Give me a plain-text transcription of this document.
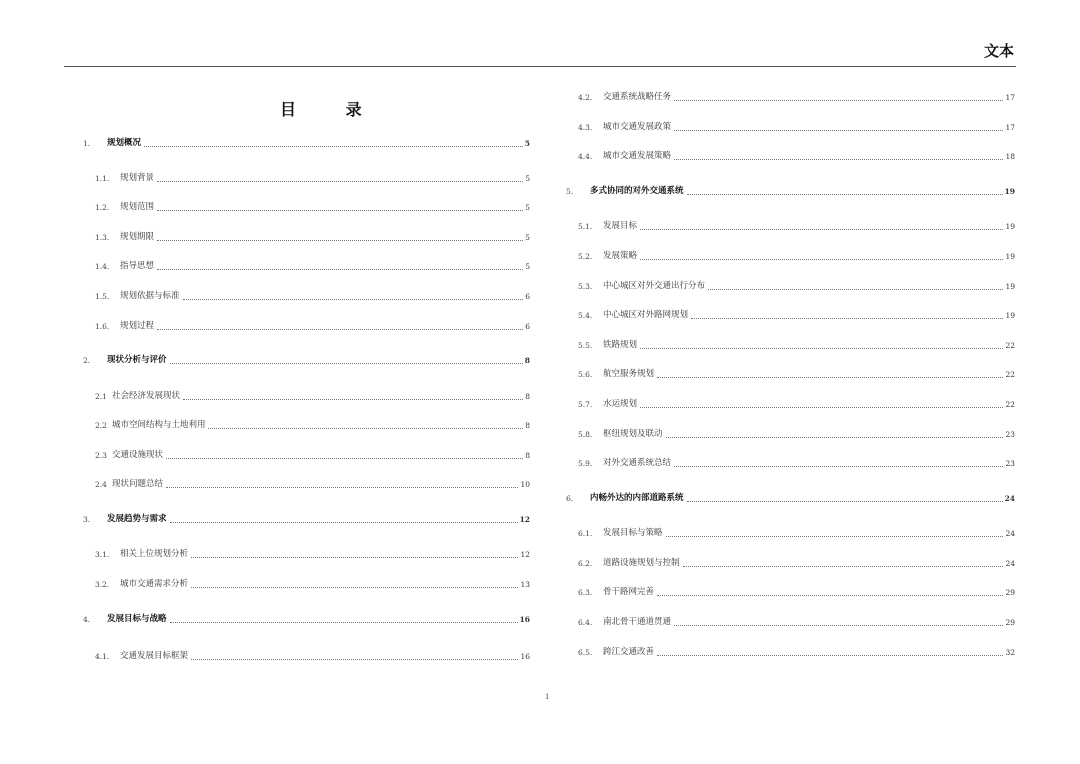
文本
目 录
1.	规划概况	5
1.1.	规划背景	5
1.2.	规划范围	5
1.3.	规划期限	5
1.4.	指导思想	5
1.5.	规划依据与标准	6
1.6.	规划过程	6
2.	现状分析与评价	8
2.1 社会经济发展现状	8
2.2 城市空间结构与土地利用	8
2.3 交通设施现状	8
2.4 现状问题总结	10
3.	发展趋势与需求	12
3.1.	相关上位规划分析	12
3.2.	城市交通需求分析	13
4.	发展目标与战略	16
4.1.	交通发展目标框架	16
4.2.	交通系统战略任务	17
4.3.	城市交通发展政策	17
4.4.	城市交通发展策略	18
5.	多式协同的对外交通系统	19
5.1.	发展目标	19
5.2.	发展策略	19
5.3.	中心城区对外交通出行分布	19
5.4.	中心城区对外路网规划	19
5.5.	铁路规划	22
5.6.	航空服务规划	22
5.7.	水运规划	22
5.8.	枢纽规划及联动	23
5.9.	对外交通系统总结	23
6.	内畅外达的内部道路系统	24
6.1.	发展目标与策略	24
6.2.	道路设施规划与控制	24
6.3.	骨干路网完善	29
6.4.	南北骨干通道贯通	29
6.5.	跨江交通改善	32
1
